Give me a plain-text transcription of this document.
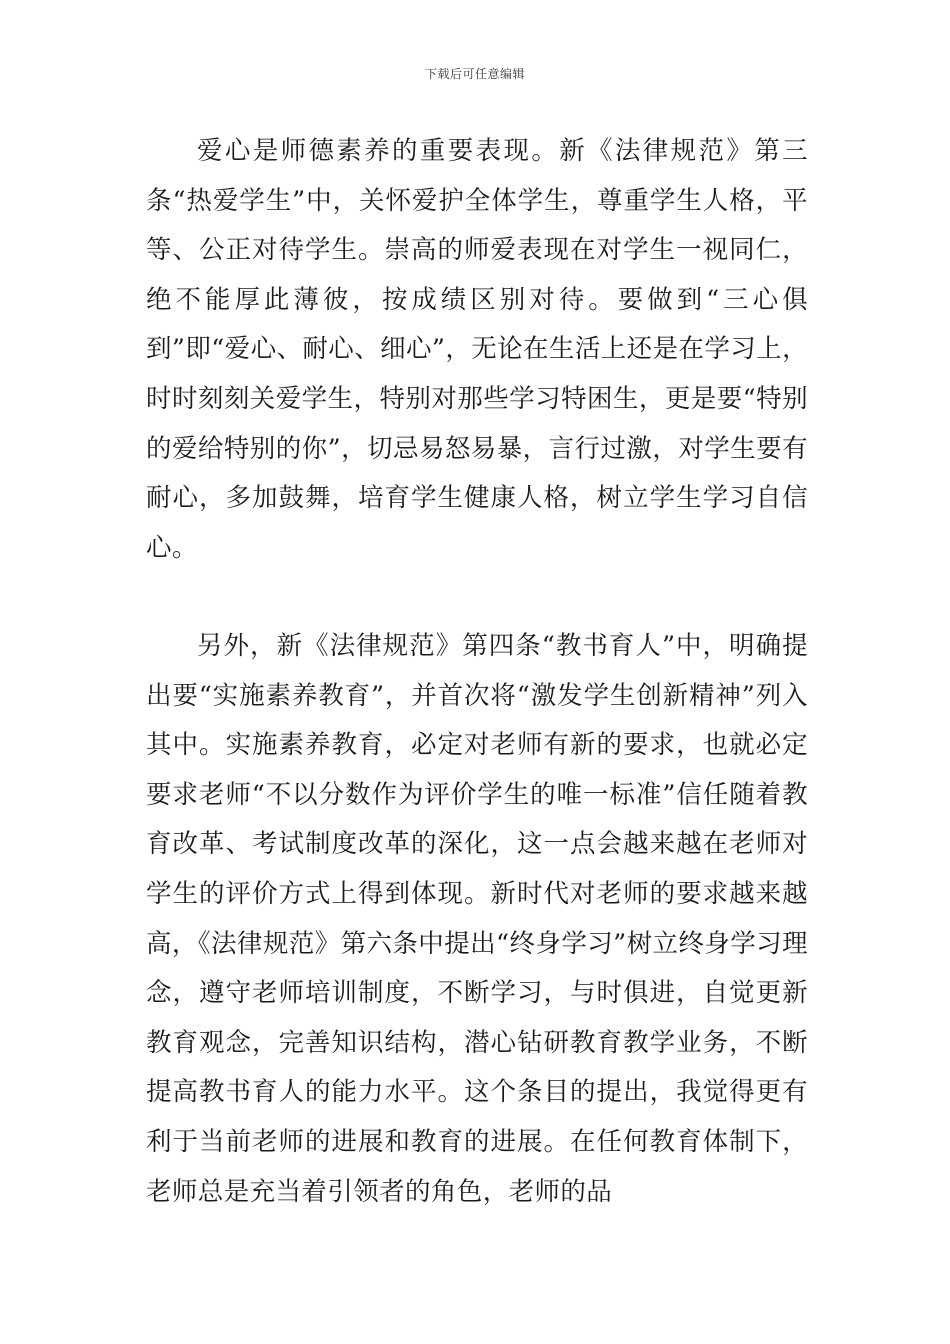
下载后可任意编辑

爱心是师德素养的重要表现。新《法律规范》第三条“热爱学生”中，关怀爱护全体学生，尊重学生人格，平等、公正对待学生。崇高的师爱表现在对学生一视同仁，绝不能厚此薄彼，按成绩区别对待。要做到“三心俱到”即“爱心、耐心、细心”，无论在生活上还是在学习上，时时刻刻关爱学生，特别对那些学习特困生，更是要“特别的爱给特别的你”，切忌易怒易暴，言行过激，对学生要有耐心，多加鼓舞，培育学生健康人格，树立学生学习自信心。

另外，新《法律规范》第四条“教书育人”中，明确提出要“实施素养教育”，并首次将“激发学生创新精神”列入其中。实施素养教育，必定对老师有新的要求，也就必定要求老师“不以分数作为评价学生的唯一标准”信任随着教育改革、考试制度改革的深化，这一点会越来越在老师对学生的评价方式上得到体现。新时代对老师的要求越来越高，《法律规范》第六条中提出“终身学习”树立终身学习理念，遵守老师培训制度，不断学习，与时俱进，自觉更新教育观念，完善知识结构，潜心钻研教育教学业务，不断提高教书育人的能力水平。这个条目的提出，我觉得更有利于当前老师的进展和教育的进展。在任何教育体制下，老师总是充当着引领者的角色，老师的品
